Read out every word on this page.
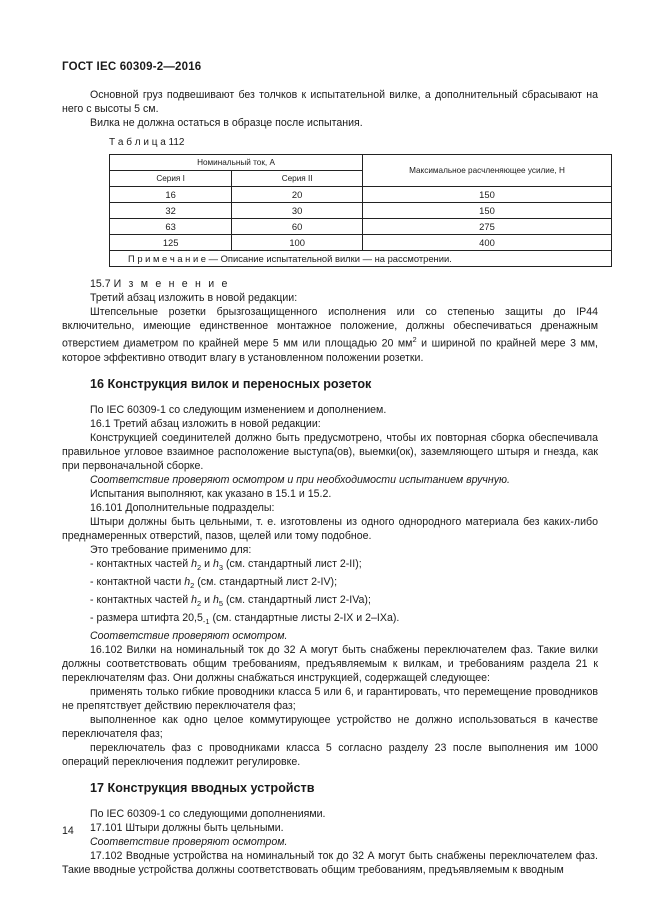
ГОСТ IEC 60309-2—2016

Основной груз подвешивают без толчков к испытательной вилке, а дополнительный сбрасывают на него с высоты 5 см.

Вилка не должна остаться в образце после испытания.

Т а б л и ц а 112
Номинальный ток, А		Максимальное расчленяющее усилие, Н
Серия I	Серия II	
16	20	150
32	30	150
63	60	275
125	100	400
П р и м е ч а н и е — Описание испытательной вилки — на рассмотрении.		

15.7 И з м е н е н и е

Третий абзац изложить в новой редакции:

Штепсельные розетки брызгозащищенного исполнения или со степенью защиты до IP44 включительно, имеющие единственное монтажное положение, должны обеспечиваться дренажным отверстием диаметром по крайней мере 5 мм или площадью 20 $мм^2$ и шириной по крайней мере 3 мм, которое эффективно отводит влагу в установленном положении розетки.

16 Конструкция вилок и переносных розеток

По IEC 60309-1 со следующим изменением и дополнением.

16.1 Третий абзац изложить в новой редакции:

Конструкцией соединителей должно быть предусмотрено, чтобы их повторная сборка обеспечивала правильное угловое взаимное расположение выступа(ов), выемки(ок), заземляющего штыря и гнезда, как при первоначальной сборке.

Соответствие проверяют осмотром и при необходимости испытанием вручную.

Испытания выполняют, как указано в 15.1 и 15.2.

16.101 Дополнительные подразделы:

Штыри должны быть цельными, т. е. изготовлены из одного однородного материала без каких-либо преднамеренных отверстий, пазов, щелей или тому подобное.

Это требование применимо для:

- контактных частей $h_2$ и $h_3$ (см. стандартный лист 2-II);

- контактной части $h_2$ (см. стандартный лист 2-IV);

- контактных частей $h_2$ и $h_5$ (см. стандартный лист 2-IVa);

- размера штифта $20,5_{-1}$ (см. стандартные листы 2-IX и 2–IXa).

Соответствие проверяют осмотром.

16.102 Вилки на номинальный ток до 32 А могут быть снабжены переключателем фаз. Такие вилки должны соответствовать общим требованиям, предъявляемым к вилкам, и требованиям раздела 21 к переключателям фаз. Они должны снабжаться инструкцией, содержащей следующее:

применять только гибкие проводники класса 5 или 6, и гарантировать, что перемещение проводников не препятствует действию переключателя фаз;

выполненное как одно целое коммутирующее устройство не должно использоваться в качестве переключателя фаз;

переключатель фаз с проводниками класса 5 согласно разделу 23 после выполнения им 1000 операций переключения подлежит регулировке.

17 Конструкция вводных устройств

По IEC 60309-1 со следующими дополнениями.

17.101 Штыри должны быть цельными.

Соответствие проверяют осмотром.

17.102 Вводные устройства на номинальный ток до 32 А могут быть снабжены переключателем фаз. Такие вводные устройства должны соответствовать общим требованиям, предъявляемым к вводным

14
